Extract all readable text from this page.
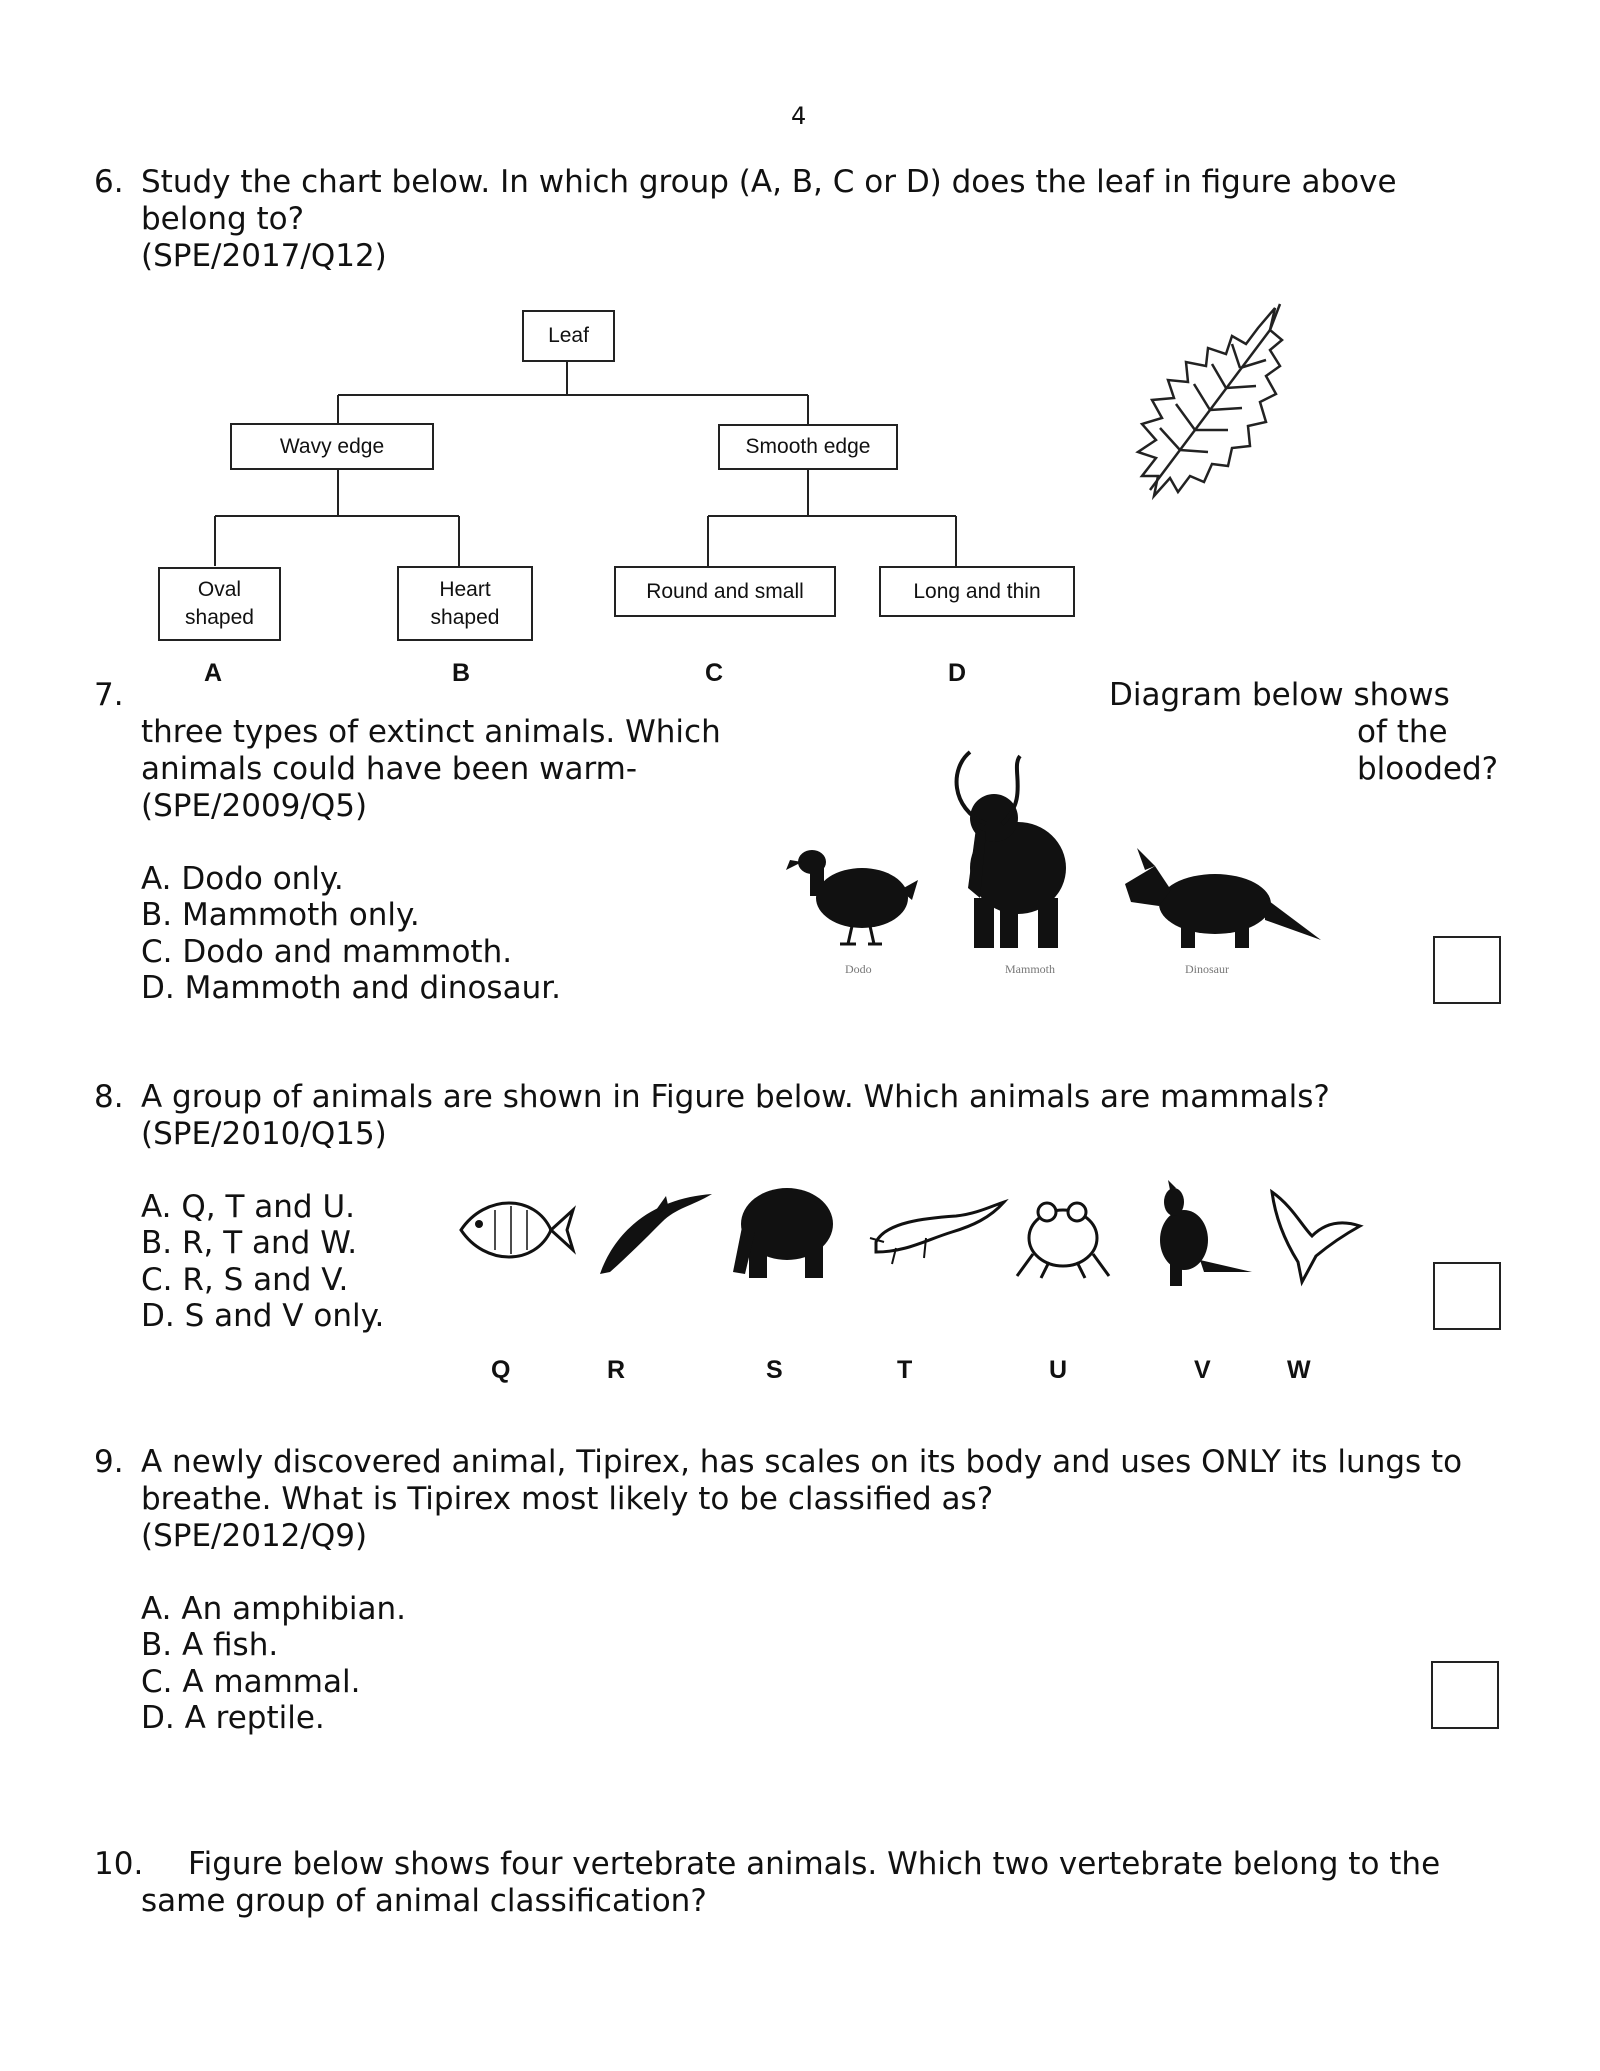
4
6. Study the chart below. In which group (A, B, C or D) does the leaf in figure above
belong to?
(SPE/2017/Q12)
Leaf
Wavy edge	Smooth edge
Oval
shaped
Heart
shaped
Round and small	Long and thin
A	B	C	D
7.	Diagram below shows
three types of extinct animals. Which	of the
animals could have been warm-	blooded?
(SPE/2009/Q5)
A. Dodo only.
B. Mammoth only.
C. Dodo and mammoth.
D. Mammoth and dinosaur.
Dodo	Mammoth	Dinosaur
8. A group of animals are shown in Figure below. Which animals are mammals?
(SPE/2010/Q15)
A. Q, T and U.
B. R, T and W.
C. R, S and V.
D. S and V only.
Q	R	S	T	U	V	W
9. A newly discovered animal, Tipirex, has scales on its body and uses ONLY its lungs to
breathe. What is Tipirex most likely to be classified as?
(SPE/2012/Q9)
A. An amphibian.
B. A fish.
C. A mammal.
D. A reptile.
10. Figure below shows four vertebrate animals. Which two vertebrate belong to the
same group of animal classification?
